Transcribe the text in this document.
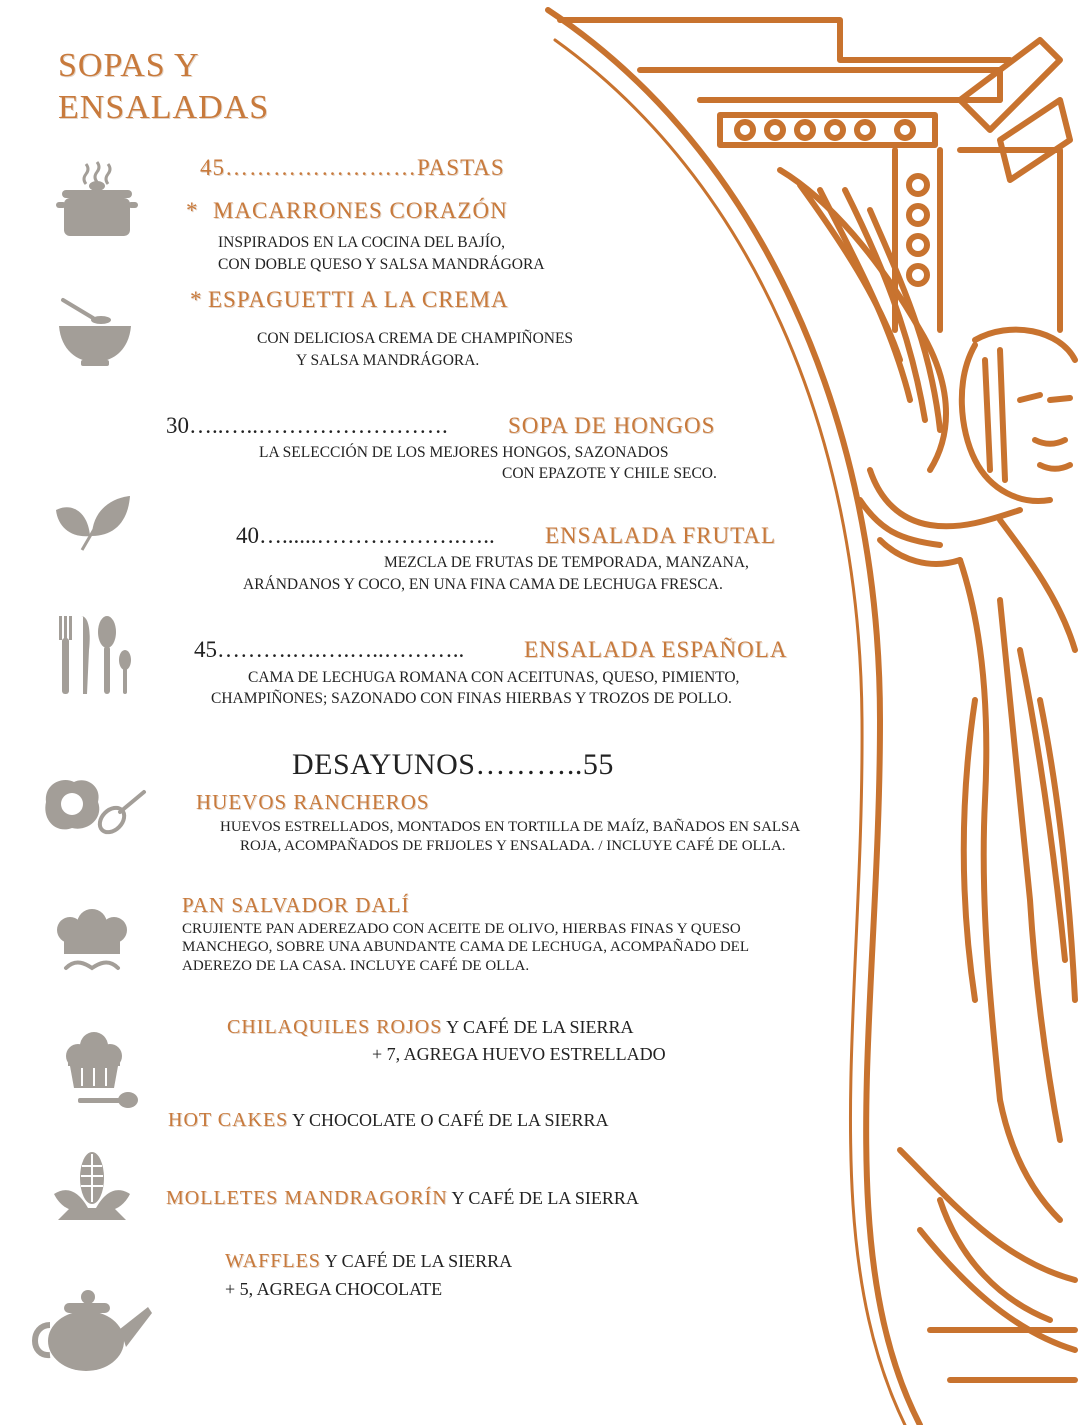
SOPAS Y
ENSALADAS
45……………………PASTAS
* MACARRONES CORAZÓN
INSPIRADOS EN LA COCINA DEL BAJÍO,
CON DOBLE QUESO Y SALSA MANDRÁGORA
* ESPAGUETTI A LA CREMA
CON DELICIOSA CREMA DE CHAMPIÑONES
Y SALSA MANDRÁGORA.
30…..…..…………………….	SOPA DE HONGOS
LA SELECCIÓN DE LOS MEJORES HONGOS, SAZONADOS
CON EPAZOTE Y CHILE SECO.
40…......……………….….. ENSALADA FRUTAL
MEZCLA DE FRUTAS DE TEMPORADA, MANZANA,
ARÁNDANOS Y COCO, EN UNA FINA CAMA DE LECHUGA FRESCA.
45……….….….…..………..	ENSALADA ESPAÑOLA
CAMA DE LECHUGA ROMANA CON ACEITUNAS, QUESO, PIMIENTO,
CHAMPIÑONES; SAZONADO CON FINAS HIERBAS Y TROZOS DE POLLO.
DESAYUNOS………..55
HUEVOS RANCHEROS
HUEVOS ESTRELLADOS, MONTADOS EN TORTILLA DE MAÍZ, BAÑADOS EN SALSA
ROJA, ACOMPAÑADOS DE FRIJOLES Y ENSALADA. / INCLUYE CAFÉ DE OLLA.
PAN SALVADOR DALÍ
CRUJIENTE PAN ADEREZADO CON ACEITE DE OLIVO, HIERBAS FINAS Y QUESO
MANCHEGO, SOBRE UNA ABUNDANTE CAMA DE LECHUGA, ACOMPAÑADO DEL
ADEREZO DE LA CASA. INCLUYE CAFÉ DE OLLA.
CHILAQUILES ROJOS Y CAFÉ DE LA SIERRA
+ 7, AGREGA HUEVO ESTRELLADO
HOT CAKES Y CHOCOLATE O CAFÉ DE LA SIERRA
MOLLETES MANDRAGORÍN Y CAFÉ DE LA SIERRA
WAFFLES Y CAFÉ DE LA SIERRA
+ 5, AGREGA CHOCOLATE
